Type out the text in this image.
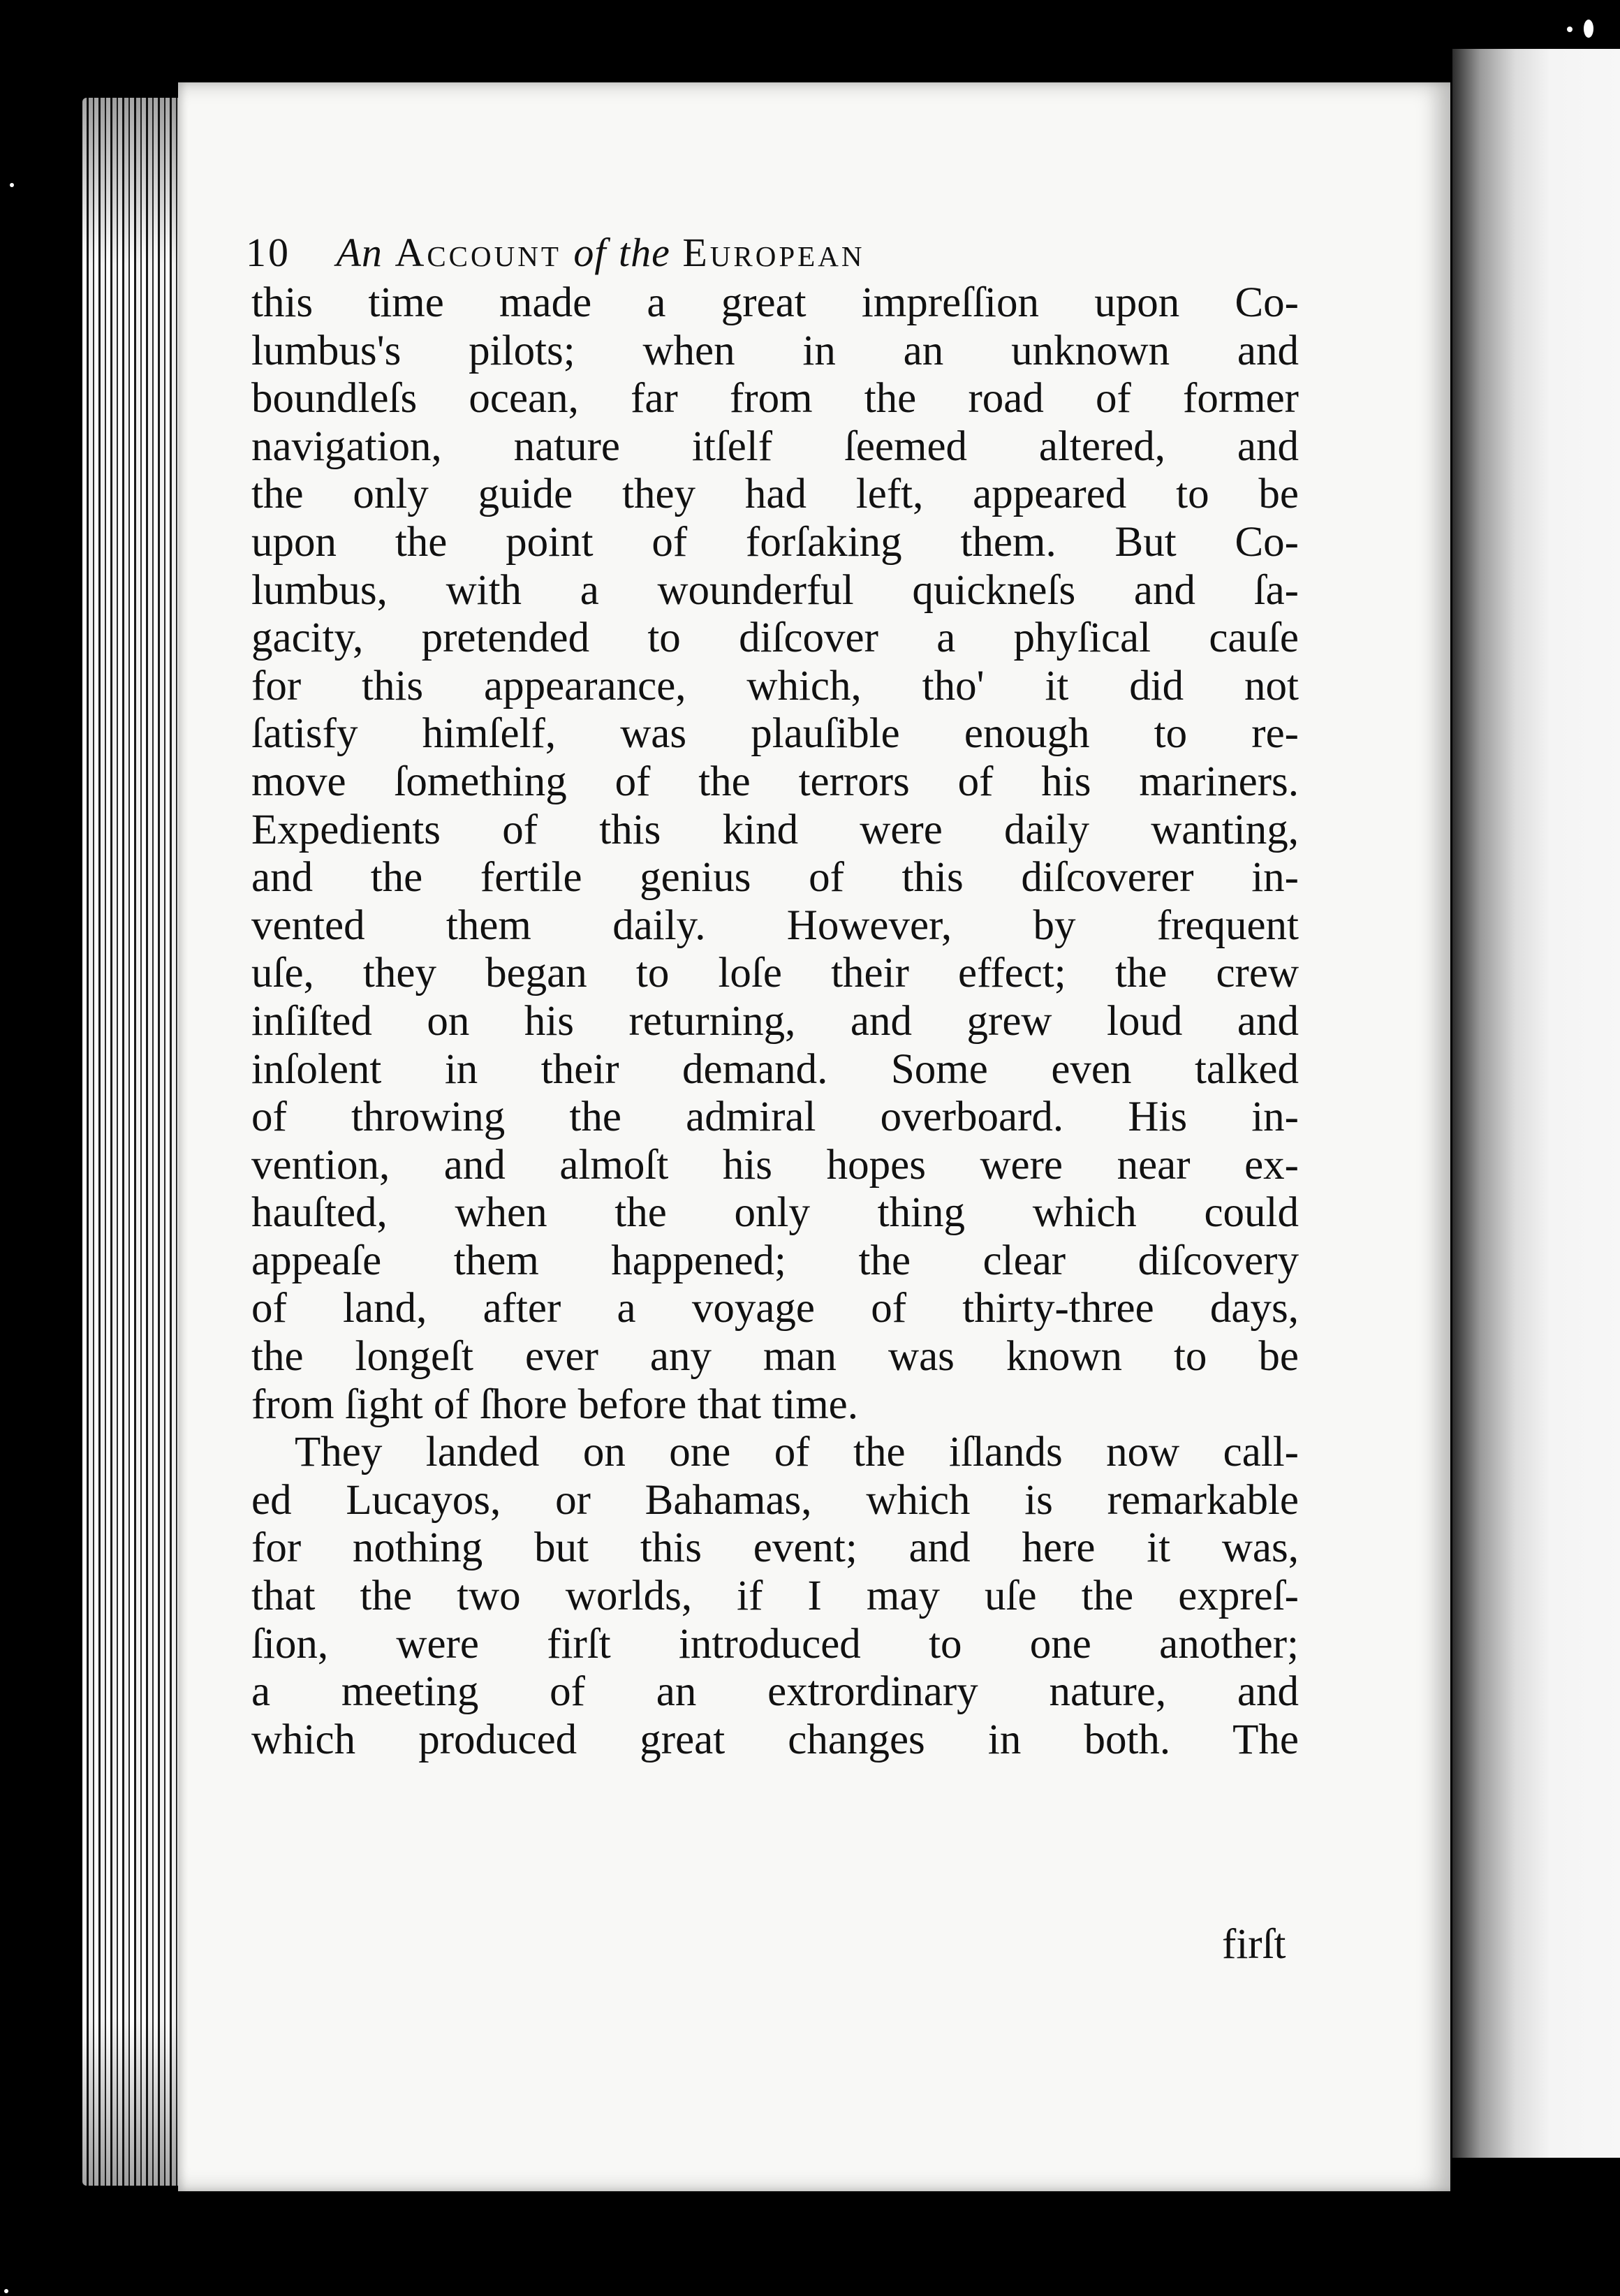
10 An Account of the European
this time made a great impreſſion upon Co-
lumbus's pilots; when in an unknown and
boundleſs ocean, far from the road of former
navigation, nature itſelf ſeemed altered, and
the only guide they had left, appeared to be
upon the point of forſaking them. But Co-
lumbus, with a wounderful quickneſs and ſa-
gacity, pretended to diſcover a phyſical cauſe
for this appearance, which, tho' it did not
ſatisfy himſelf, was plauſible enough to re-
move ſomething of the terrors of his mariners.
Expedients of this kind were daily wanting,
and the fertile genius of this diſcoverer in-
vented them daily. However, by frequent
uſe, they began to loſe their effect; the crew
inſiſted on his returning, and grew loud and
inſolent in their demand. Some even talked
of throwing the admiral overboard. His in-
vention, and almoſt his hopes were near ex-
hauſted, when the only thing which could
appeaſe them happened; the clear diſcovery
of land, after a voyage of thirty-three days,
the longeſt ever any man was known to be
from ſight of ſhore before that time.
They landed on one of the iſlands now call-
ed Lucayos, or Bahamas, which is remarkable
for nothing but this event; and here it was,
that the two worlds, if I may uſe the expreſ-
ſion, were firſt introduced to one another;
a meeting of an extrordinary nature, and
which produced great changes in both. The
firſt
